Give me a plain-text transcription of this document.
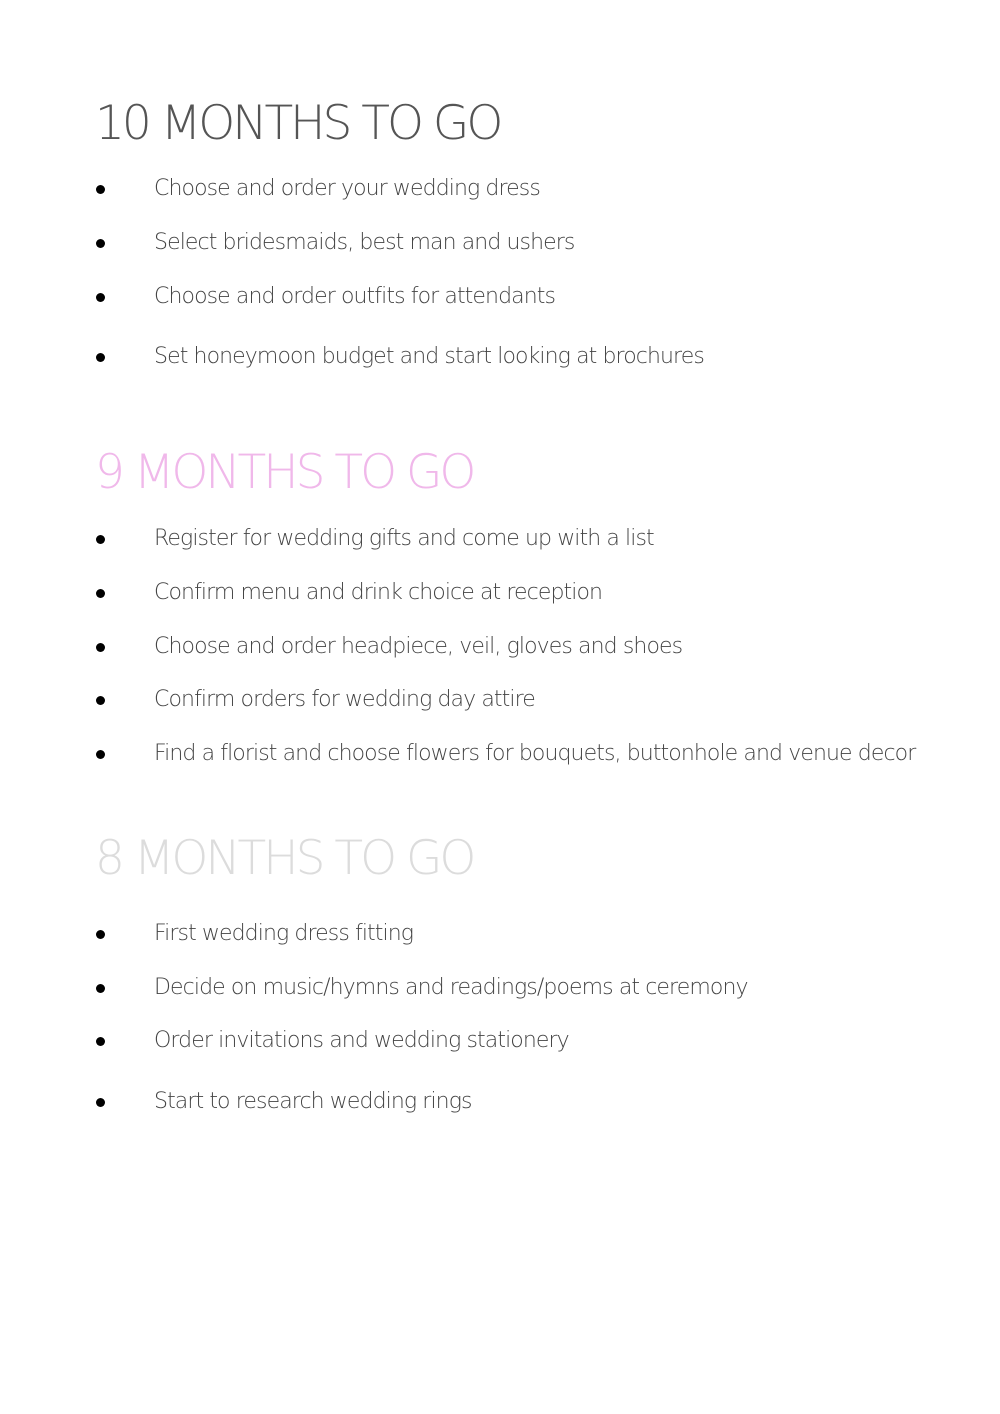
10 MONTHS TO GO
Choose and order your wedding dress
Select bridesmaids, best man and ushers
Choose and order outfits for attendants
Set honeymoon budget and start looking at brochures
9 MONTHS TO GO
Register for wedding gifts and come up with a list
Confirm menu and drink choice at reception
Choose and order headpiece, veil, gloves and shoes
Confirm orders for wedding day attire
Find a florist and choose flowers for bouquets, buttonhole and venue decor
8 MONTHS TO GO
First wedding dress fitting
Decide on music/hymns and readings/poems at ceremony
Order invitations and wedding stationery
Start to research wedding rings
